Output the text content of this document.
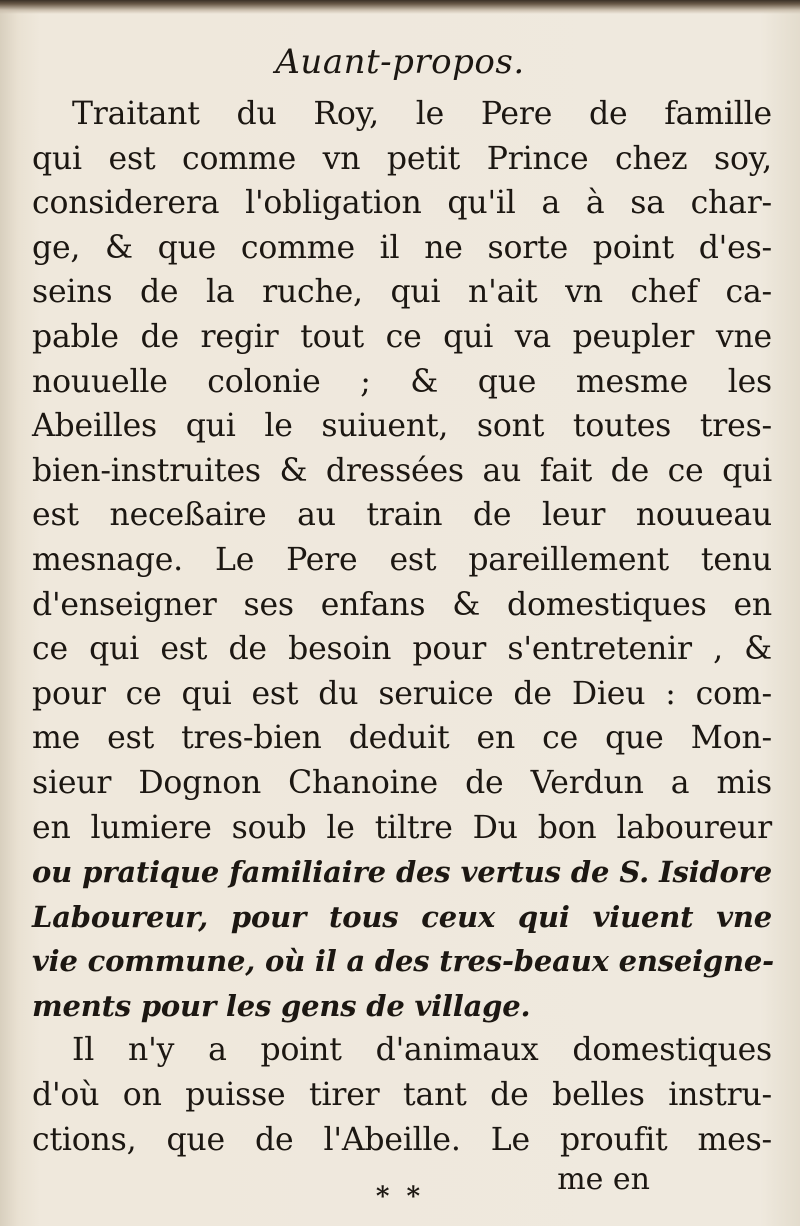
Auant-propos.
Traitant du Roy, le Pere de famille
qui est comme vn petit Prince chez soy,
considerera l'obligation qu'il a à sa char-
ge, & que comme il ne sorte point d'es-
seins de la ruche, qui n'ait vn chef ca-
pable de regir tout ce qui va peupler vne
nouuelle colonie ; & que mesme les
Abeilles qui le suiuent, sont toutes tres-
bien-instruites & dressées au fait de ce qui
est neceßaire au train de leur nouueau
mesnage. Le Pere est pareillement tenu
d'enseigner ses enfans & domestiques en
ce qui est de besoin pour s'entretenir , &
pour ce qui est du seruice de Dieu : com-
me est tres-bien deduit en ce que Mon-
sieur Dognon Chanoine de Verdun a mis
en lumiere soub le tiltre Du bon laboureur
ou pratique familiaire des vertus de S. Isidore
Laboureur, pour tous ceux qui viuent vne
vie commune, où il a des tres-beaux enseigne-
ments pour les gens de village.
Il n'y a point d'animaux domestiques
d'où on puisse tirer tant de belles instru-
ctions, que de l'Abeille. Le proufit mes-
me en
* *
